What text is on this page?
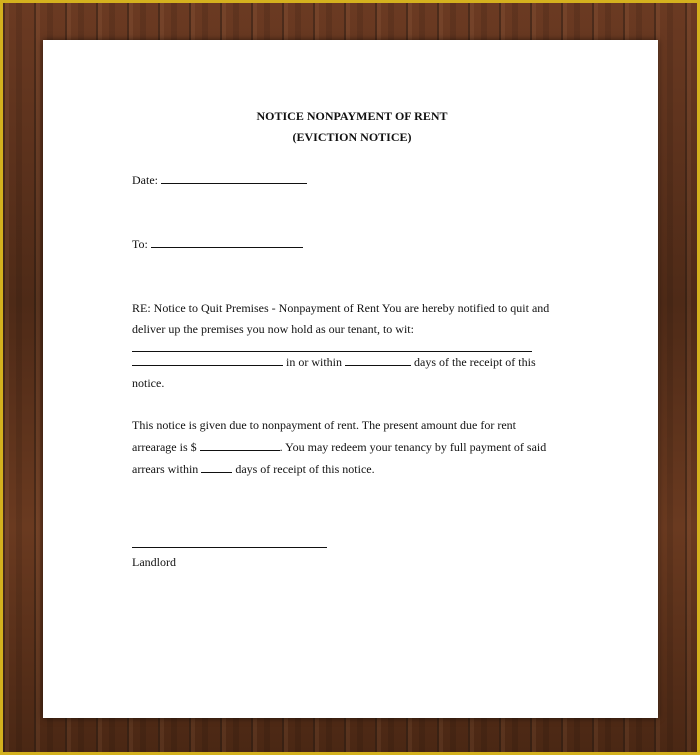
NOTICE NONPAYMENT OF RENT

(EVICTION NOTICE)

Date:

To:

RE: Notice to Quit Premises - Nonpayment of Rent You are hereby notified to quit and

deliver up the premises you now hold as our tenant, to wit:

in or within	days of the receipt of this

notice.

This notice is given due to nonpayment of rent. The present amount due for rent

arrearage is $	. You may redeem your tenancy by full payment of said

arrears within	days of receipt of this notice.

Landlord
